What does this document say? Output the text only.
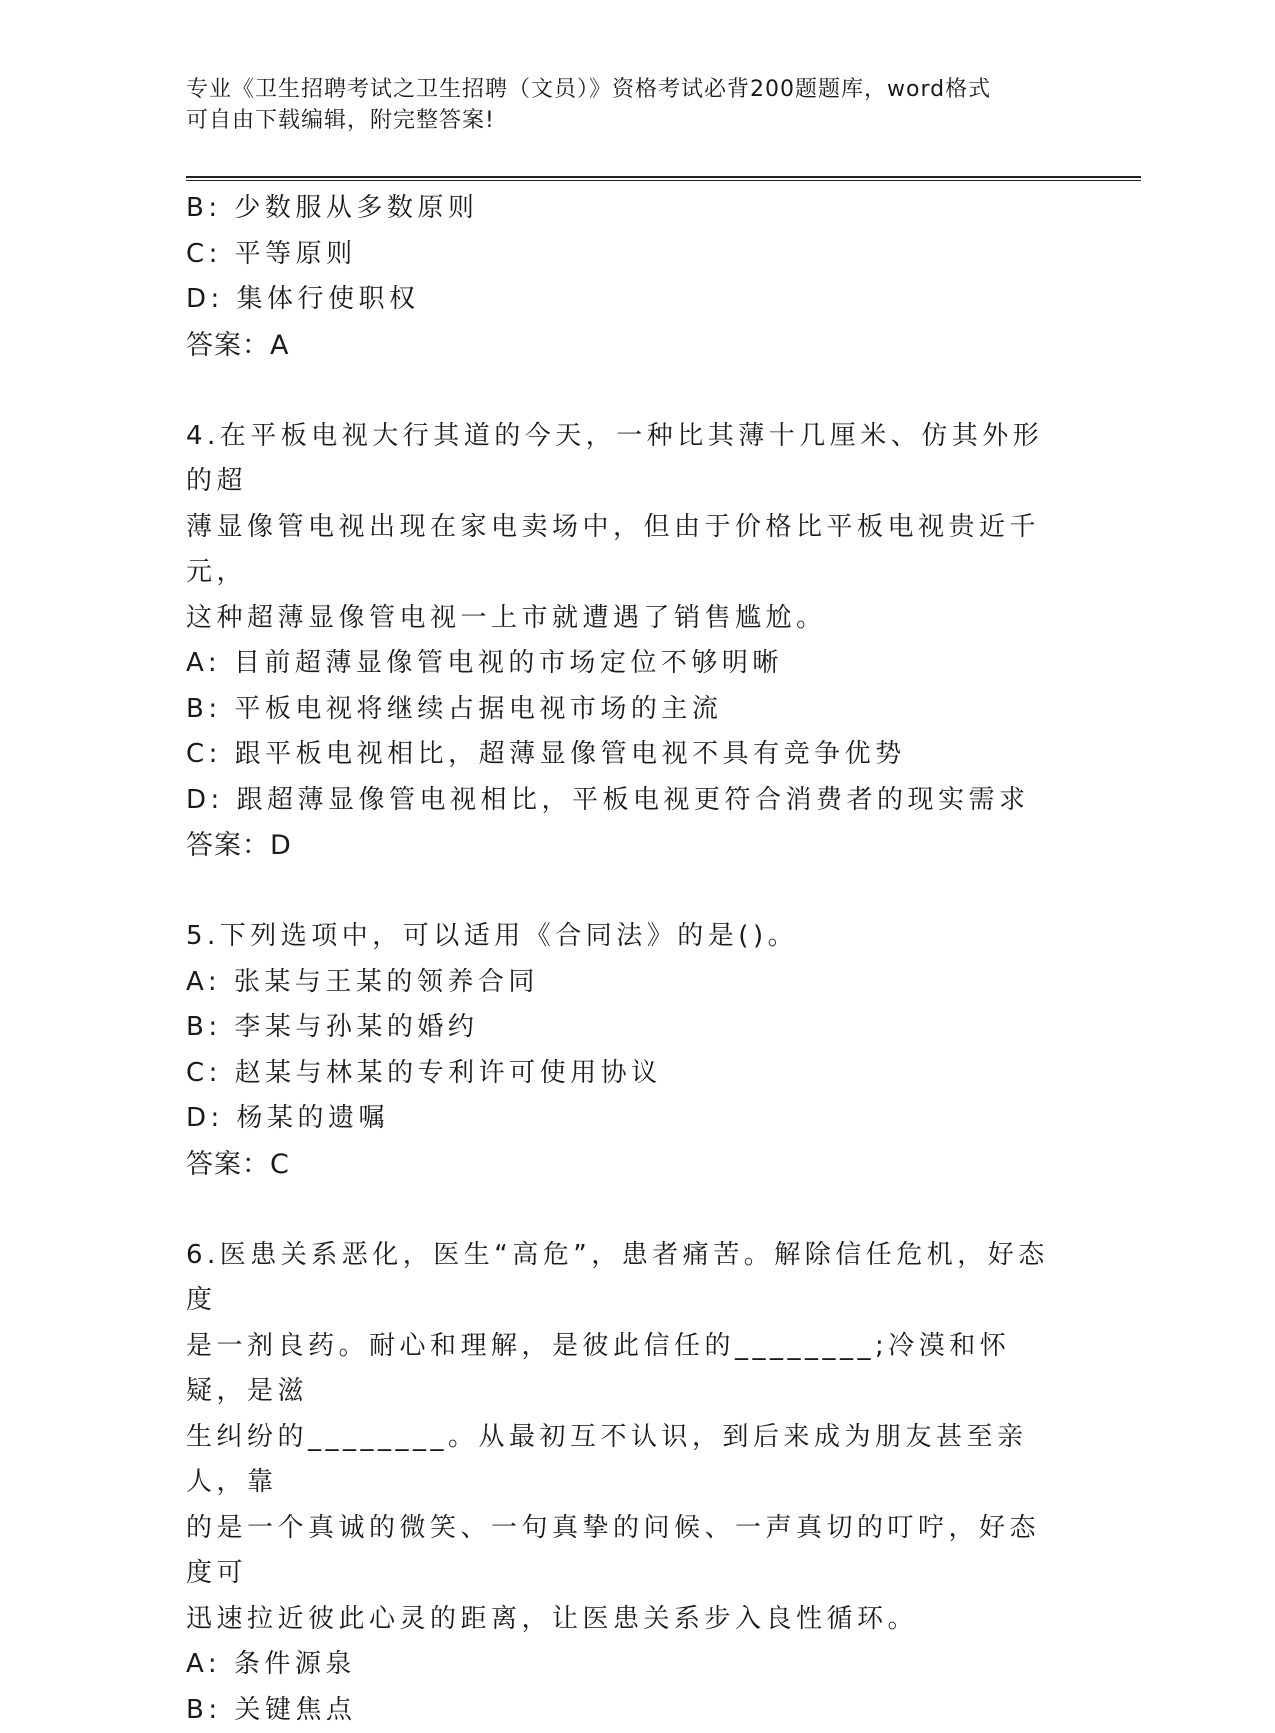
专业《卫生招聘考试之卫生招聘（文员）》资格考试必背200题题库，word格式
可自由下载编辑，附完整答案!
B: 少数服从多数原则
C: 平等原则
D: 集体行使职权
答案：A
4.在平板电视大行其道的今天，一种比其薄十几厘米、仿其外形的超
薄显像管电视出现在家电卖场中，但由于价格比平板电视贵近千元，
这种超薄显像管电视一上市就遭遇了销售尴尬。
A: 目前超薄显像管电视的市场定位不够明晰
B: 平板电视将继续占据电视市场的主流
C: 跟平板电视相比，超薄显像管电视不具有竞争优势
D: 跟超薄显像管电视相比，平板电视更符合消费者的现实需求
答案：D
5.下列选项中，可以适用《合同法》的是()。
A: 张某与王某的领养合同
B: 李某与孙某的婚约
C: 赵某与林某的专利许可使用协议
D: 杨某的遗嘱
答案：C
6.医患关系恶化，医生“高危”，患者痛苦。解除信任危机，好态度
是一剂良药。耐心和理解，是彼此信任的________;冷漠和怀疑，是滋
生纠纷的________。从最初互不认识，到后来成为朋友甚至亲人，靠
的是一个真诚的微笑、一句真挚的问候、一声真切的叮咛，好态度可
迅速拉近彼此心灵的距离，让医患关系步入良性循环。
A: 条件源泉
B: 关键焦点
